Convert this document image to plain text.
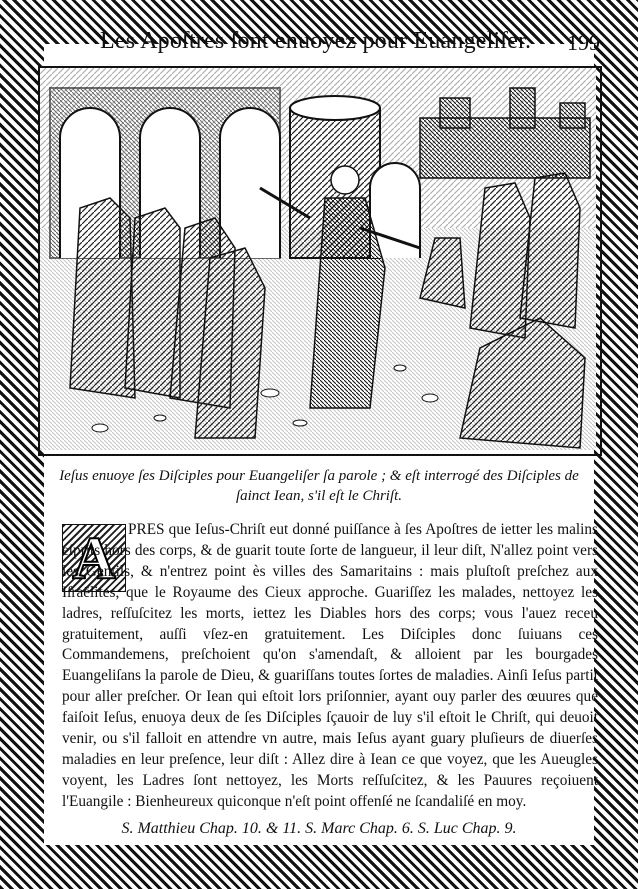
Les Apoſtres ſont enuoyez pour Euangeliſer. 199
Ieſus enuoye ſes Diſciples pour Euangeliſer ſa parole ; & eſt interrogé des Diſciples de ſainct Iean, s'il eſt le Chriſt.
A PRES que Ieſus-Chriſt eut donné puiſſance à ſes Apoſtres de ietter les malins eſprits hors des corps, & de guarit toute ſorte de langueur, il leur diſt, N'allez point vers les Gentils, & n'entrez point ès villes des Samaritains : mais pluſtoſt preſchez aux Iſraëlites, que le Royaume des Cieux approche. Guariſſez les malades, nettoyez les ladres, reſſuſcitez les morts, iettez les Diables hors des corps; vous l'auez receu gratuitement, auſſi vſez-en gratuitement. Les Diſciples donc ſuiuans ces Commandemens, preſchoient qu'on s'amendaſt, & alloient par les bourgades Euangeliſans la parole de Dieu, & guariſſans toutes ſortes de maladies. Ainſi Ieſus partit pour aller preſcher. Or Iean qui eſtoit lors priſonnier, ayant ouy parler des œuures que faiſoit Ieſus, enuoya deux de ſes Diſciples ſçauoir de luy s'il eſtoit le Chriſt, qui deuoit venir, ou s'il falloit en attendre vn autre, mais Ieſus ayant guary pluſieurs de diuerſes maladies en leur preſence, leur diſt : Allez dire à Iean ce que voyez, que les Aueugles voyent, les Ladres ſont nettoyez, les Morts reſſuſcitez, & les Pauures reçoiuent l'Euangile : Bienheureux quiconque n'eſt point offenſé ne ſcandaliſé en moy.

S. Matthieu Chap. 10. & 11. S. Marc Chap. 6. S. Luc Chap. 9.
